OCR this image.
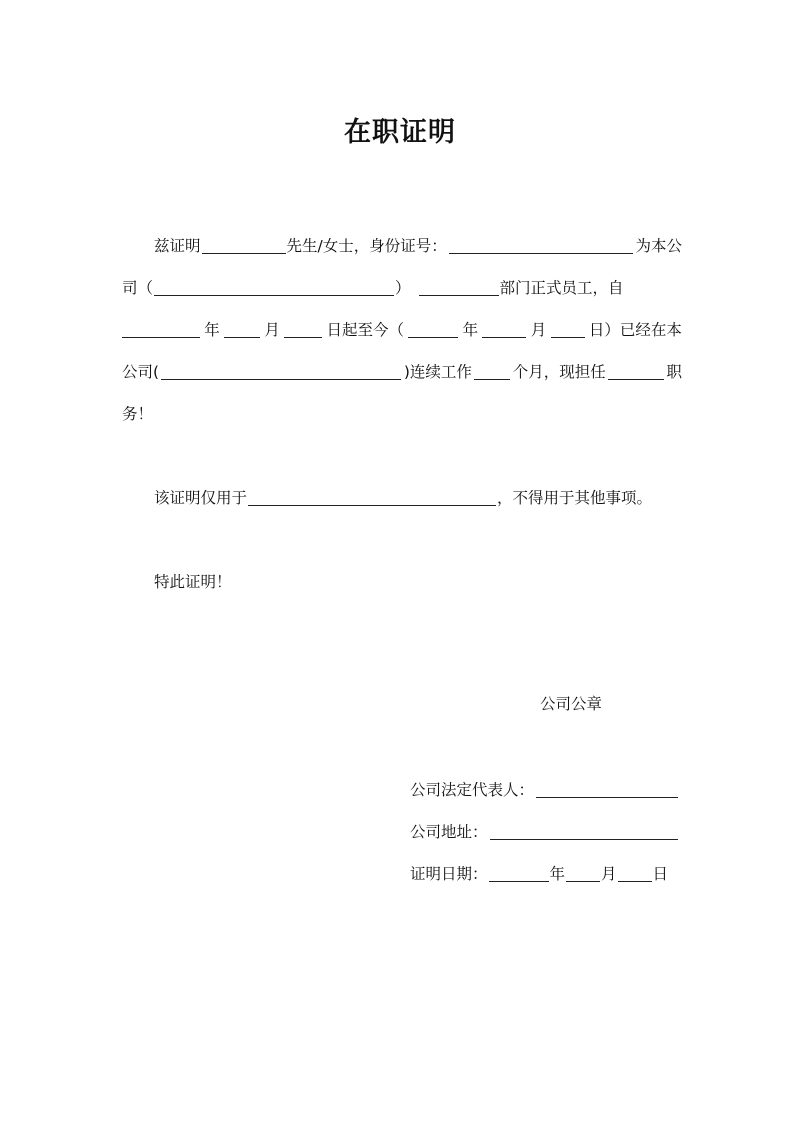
在职证明
兹证明	先生/女士，身份证号：	为本公
司（	）	部门正式员工，自
年	月	日起至今（	年	月	日）已经在本
公司(	)连续工作	个月，现担任	职
务！
该证明仅用于	，不得用于其他事项。
特此证明！
公司公章
公司法定代表人：
公司地址：
证明日期：	年 月 日
